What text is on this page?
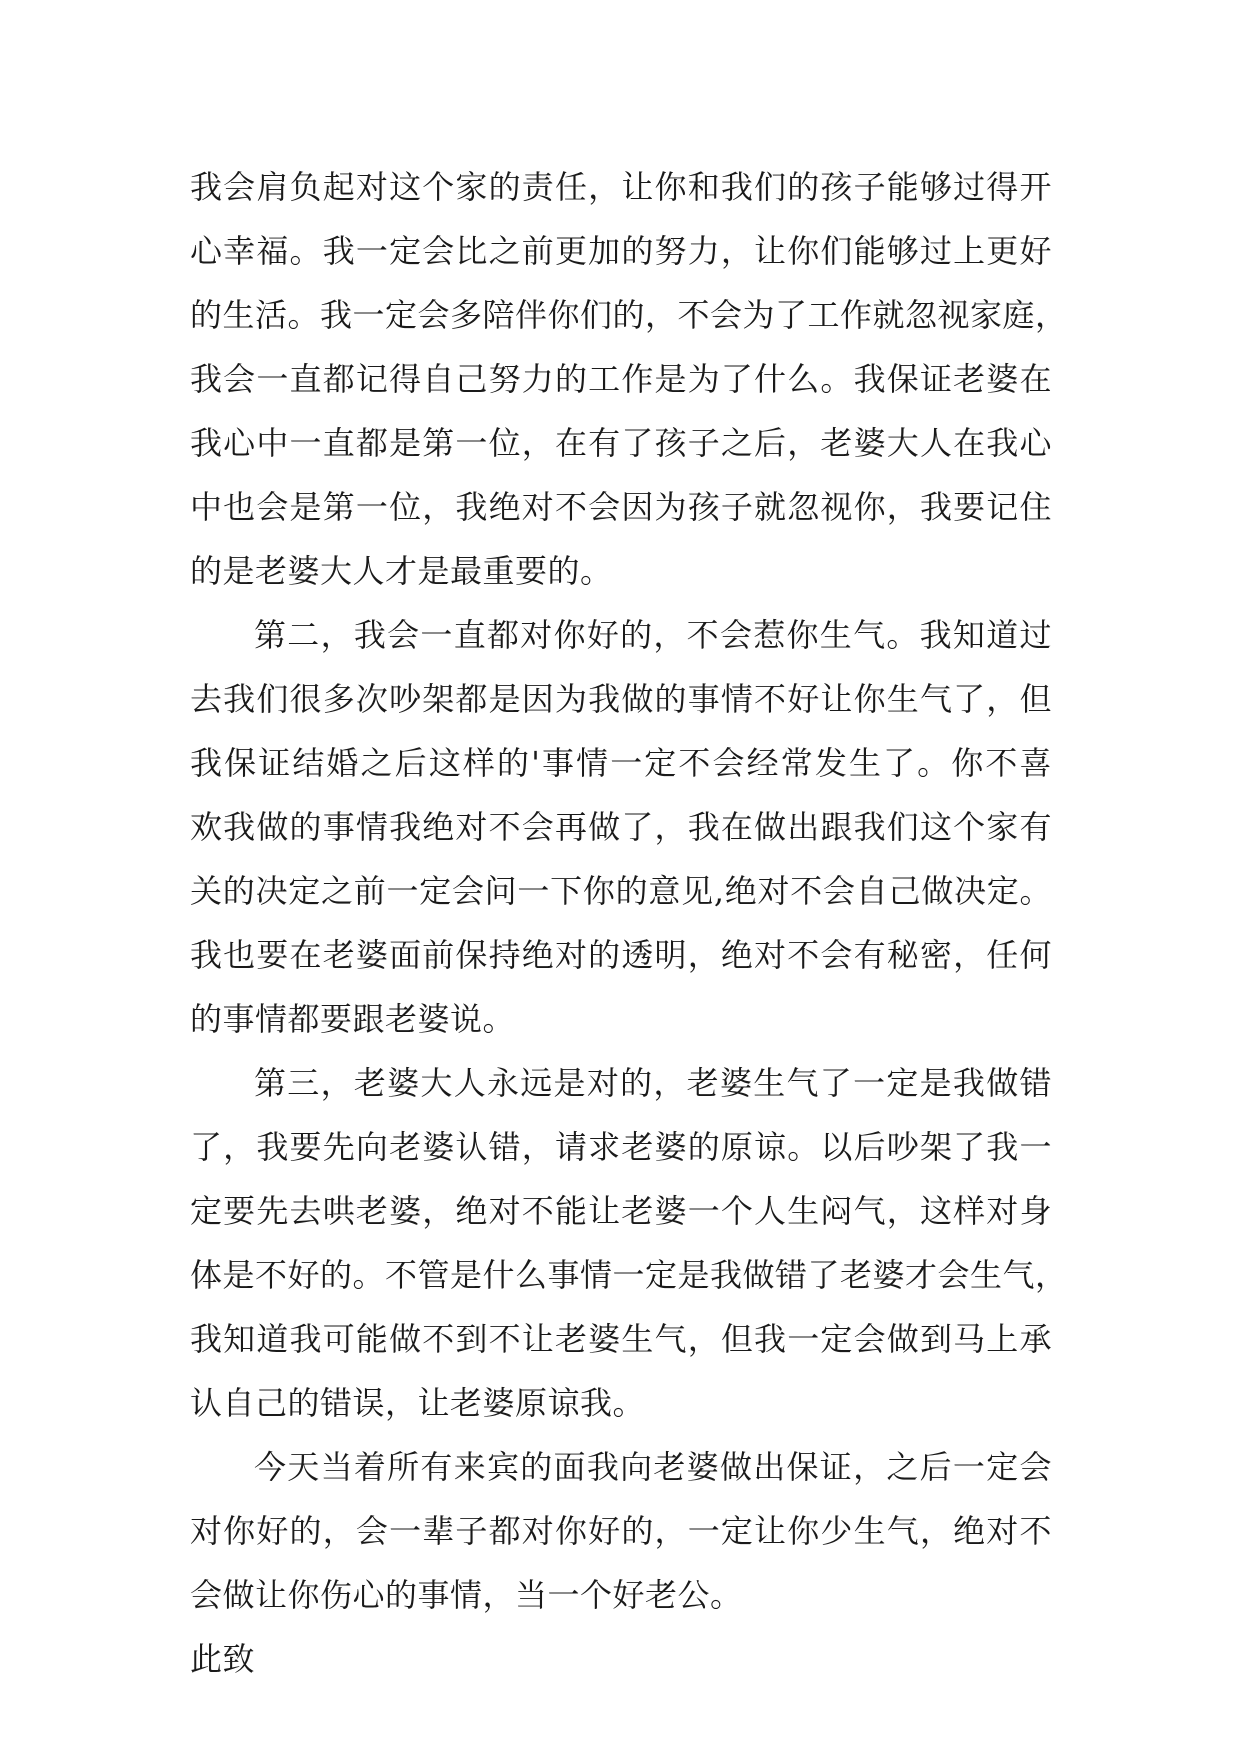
我会肩负起对这个家的责任，让你和我们的孩子能够过得开
心幸福。我一定会比之前更加的努力，让你们能够过上更好
的生活。我一定会多陪伴你们的，不会为了工作就忽视家庭，
我会一直都记得自己努力的工作是为了什么。我保证老婆在
我心中一直都是第一位，在有了孩子之后，老婆大人在我心
中也会是第一位，我绝对不会因为孩子就忽视你，我要记住
的是老婆大人才是最重要的。
第二，我会一直都对你好的，不会惹你生气。我知道过
去我们很多次吵架都是因为我做的事情不好让你生气了，但
我保证结婚之后这样的'事情一定不会经常发生了。你不喜
欢我做的事情我绝对不会再做了，我在做出跟我们这个家有
关的决定之前一定会问一下你的意见,绝对不会自己做决定。
我也要在老婆面前保持绝对的透明，绝对不会有秘密，任何
的事情都要跟老婆说。
第三，老婆大人永远是对的，老婆生气了一定是我做错
了，我要先向老婆认错，请求老婆的原谅。以后吵架了我一
定要先去哄老婆，绝对不能让老婆一个人生闷气，这样对身
体是不好的。不管是什么事情一定是我做错了老婆才会生气，
我知道我可能做不到不让老婆生气，但我一定会做到马上承
认自己的错误，让老婆原谅我。
今天当着所有来宾的面我向老婆做出保证，之后一定会
对你好的，会一辈子都对你好的，一定让你少生气，绝对不
会做让你伤心的事情，当一个好老公。
此致
